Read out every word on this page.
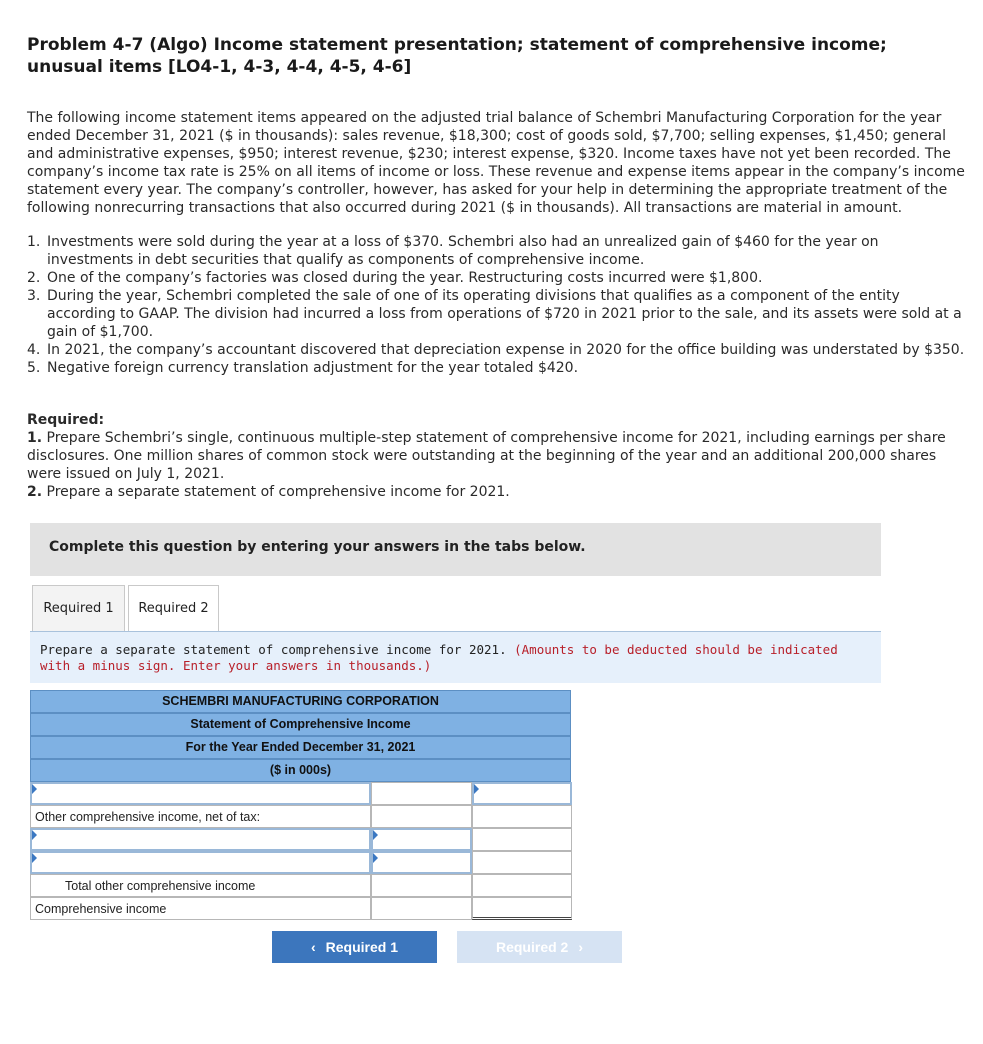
Problem 4-7 (Algo) Income statement presentation; statement of comprehensive income; unusual items [LO4-1, 4-3, 4-4, 4-5, 4-6]
The following income statement items appeared on the adjusted trial balance of Schembri Manufacturing Corporation for the year ended December 31, 2021 ($ in thousands): sales revenue, $18,300; cost of goods sold, $7,700; selling expenses, $1,450; general and administrative expenses, $950; interest revenue, $230; interest expense, $320. Income taxes have not yet been recorded. The company’s income tax rate is 25% on all items of income or loss. These revenue and expense items appear in the company’s income statement every year. The company’s controller, however, has asked for your help in determining the appropriate treatment of the following nonrecurring transactions that also occurred during 2021 ($ in thousands). All transactions are material in amount.
1. Investments were sold during the year at a loss of $370. Schembri also had an unrealized gain of $460 for the year on investments in debt securities that qualify as components of comprehensive income.
2. One of the company’s factories was closed during the year. Restructuring costs incurred were $1,800.
3. During the year, Schembri completed the sale of one of its operating divisions that qualifies as a component of the entity according to GAAP. The division had incurred a loss from operations of $720 in 2021 prior to the sale, and its assets were sold at a gain of $1,700.
4. In 2021, the company’s accountant discovered that depreciation expense in 2020 for the office building was understated by $350.
5. Negative foreign currency translation adjustment for the year totaled $420.

Required:

1. Prepare Schembri’s single, continuous multiple-step statement of comprehensive income for 2021, including earnings per share disclosures. One million shares of common stock were outstanding at the beginning of the year and an additional 200,000 shares were issued on July 1, 2021.

2. Prepare a separate statement of comprehensive income for 2021.

Complete this question by entering your answers in the tabs below.
Required 1	Required 2
Prepare a separate statement of comprehensive income for 2021. (Amounts to be deducted should be indicated with a minus sign. Enter your answers in thousands.)
SCHEMBRI MANUFACTURING CORPORATION
Statement of Comprehensive Income
For the Year Ended December 31, 2021
($ in 000s)
Other comprehensive income, net of tax:
Total other comprehensive income
Comprehensive income
‹ Required 1	Required 2 ›
